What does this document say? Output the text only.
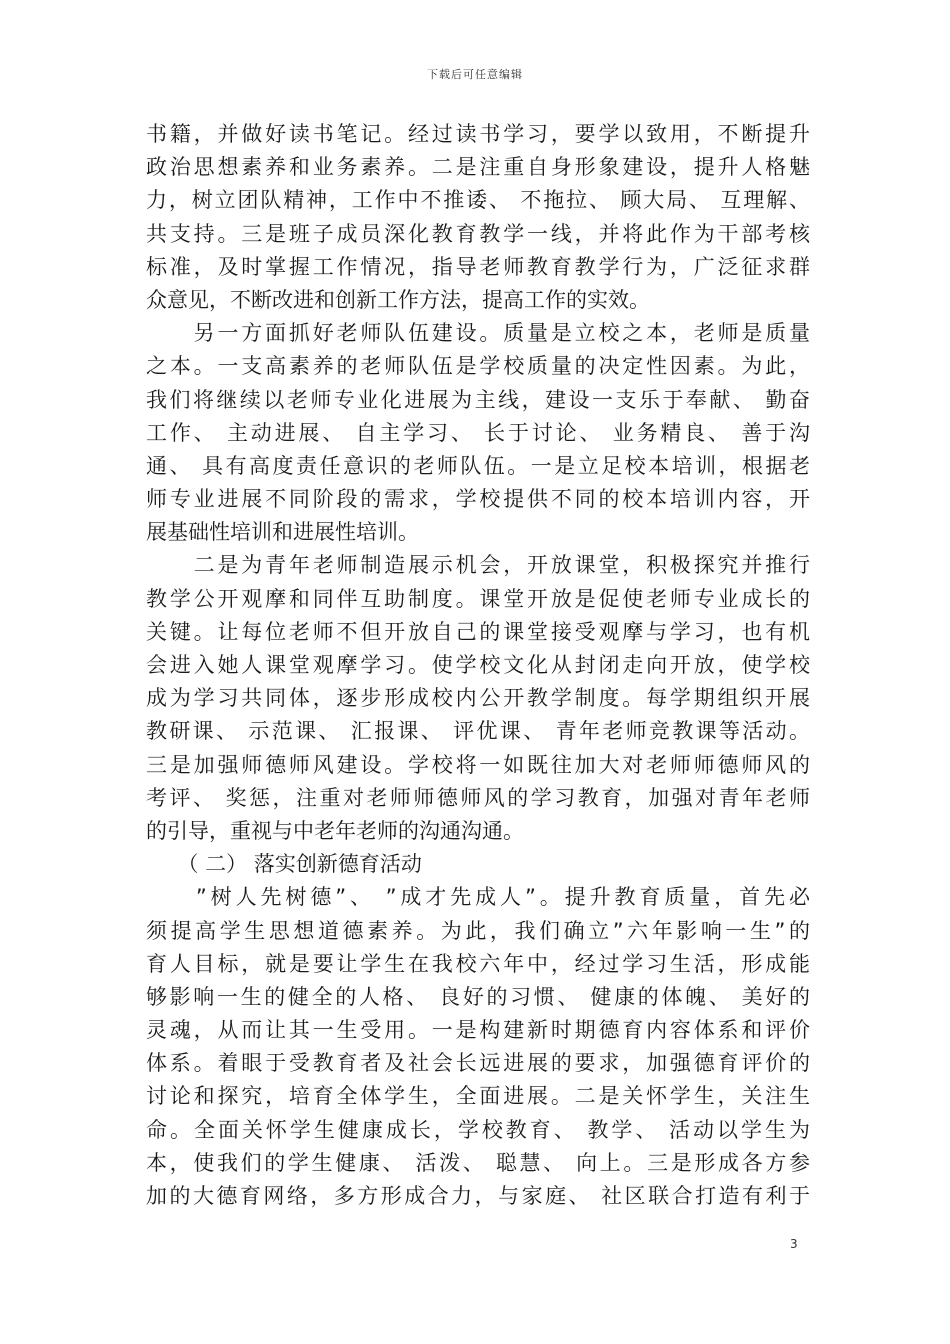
下载后可任意编辑
书籍，并做好读书笔记。经过读书学习，要学以致用，不断提升
政治思想素养和业务素养。二是注重自身形象建设，提升人格魅
力，树立团队精神，工作中不推诿、 不拖拉、 顾大局、 互理解、
共支持。三是班子成员深化教育教学一线，并将此作为干部考核
标准，及时掌握工作情况，指导老师教育教学行为，广泛征求群
众意见，不断改进和创新工作方法，提高工作的实效。
　　另一方面抓好老师队伍建设。质量是立校之本，老师是质量
之本。一支高素养的老师队伍是学校质量的决定性因素。为此，
我们将继续以老师专业化进展为主线，建设一支乐于奉献、 勤奋
工作、 主动进展、 自主学习、 长于讨论、 业务精良、 善于沟
通、 具有高度责任意识的老师队伍。一是立足校本培训，根据老
师专业进展不同阶段的需求，学校提供不同的校本培训内容，开
展基础性培训和进展性培训。
　　二是为青年老师制造展示机会，开放课堂，积极探究并推行
教学公开观摩和同伴互助制度。课堂开放是促使老师专业成长的
关键。让每位老师不但开放自己的课堂接受观摩与学习，也有机
会进入她人课堂观摩学习。使学校文化从封闭走向开放，使学校
成为学习共同体，逐步形成校内公开教学制度。每学期组织开展
教研课、 示范课、 汇报课、 评优课、 青年老师竞教课等活动。
三是加强师德师风建设。学校将一如既往加大对老师师德师风的
考评、 奖惩，注重对老师师德师风的学习教育，加强对青年老师
的引导，重视与中老年老师的沟通沟通。
　　（ 二） 落实创新德育活动
　　”树人先树德”、 ”成才先成人”。提升教育质量，首先必
须提高学生思想道德素养。为此，我们确立”六年影响一生”的
育人目标，就是要让学生在我校六年中，经过学习生活，形成能
够影响一生的健全的人格、 良好的习惯、 健康的体魄、 美好的
灵魂，从而让其一生受用。一是构建新时期德育内容体系和评价
体系。着眼于受教育者及社会长远进展的要求，加强德育评价的
讨论和探究，培育全体学生，全面进展。二是关怀学生，关注生
命。全面关怀学生健康成长，学校教育、 教学、 活动以学生为
本，使我们的学生健康、 活泼、 聪慧、 向上。三是形成各方参
加的大德育网络，多方形成合力，与家庭、 社区联合打造有利于
3
